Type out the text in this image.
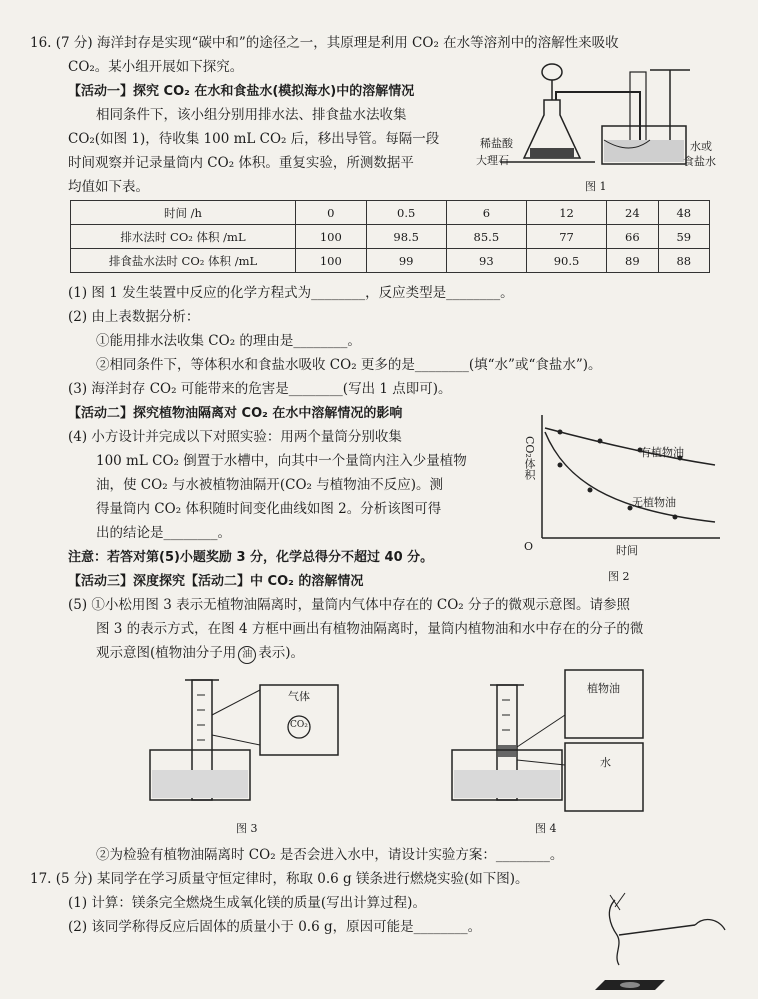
16. (7 分) 海洋封存是实现“碳中和”的途径之一，其原理是利用 CO₂ 在水等溶剂中的溶解性来吸收
CO₂。某小组开展如下探究。
【活动一】探究 CO₂ 在水和食盐水(模拟海水)中的溶解情况
相同条件下，该小组分别用排水法、排食盐水法收集
CO₂(如图 1)，待收集 100 mL CO₂ 后，移出导管。每隔一段
时间观察并记录量筒内 CO₂ 体积。重复实验，所测数据平
均值如下表。
稀盐酸
大理石
水或
食盐水
图 1
时间 /h	0	0.5	6	12	24	48
排水法时 CO₂ 体积 /mL	100	98.5	85.5	77	66	59
排食盐水法时 CO₂ 体积 /mL	100	99	93	90.5	89	88
(1) 图 1 发生装置中反应的化学方程式为________，反应类型是________。
(2) 由上表数据分析：
①能用排水法收集 CO₂ 的理由是________。
②相同条件下，等体积水和食盐水吸收 CO₂ 更多的是________(填“水”或“食盐水”)。
(3) 海洋封存 CO₂ 可能带来的危害是________(写出 1 点即可)。
【活动二】探究植物油隔离对 CO₂ 在水中溶解情况的影响
(4) 小方设计并完成以下对照实验：用两个量筒分别收集
100 mL CO₂ 倒置于水槽中，向其中一个量筒内注入少量植物
油，使 CO₂ 与水被植物油隔开(CO₂ 与植物油不反应)。测
得量筒内 CO₂ 体积随时间变化曲线如图 2。分析该图可得
出的结论是________。
CO₂体积	有植物油
无植物油
O	时间
图 2
注意：若答对第(5)小题奖励 3 分，化学总得分不超过 40 分。
【活动三】深度探究【活动二】中 CO₂ 的溶解情况
(5) ①小松用图 3 表示无植物油隔离时，量筒内气体中存在的 CO₂ 分子的微观示意图。请参照
图 3 的表示方式，在图 4 方框中画出有植物油隔离时，量筒内植物油和水中存在的分子的微
观示意图(植物油分子用 油 表示)。
气体
CO₂
图 3
植物油
水
图 4
②为检验有植物油隔离时 CO₂ 是否会进入水中，请设计实验方案：________。
17. (5 分) 某同学在学习质量守恒定律时，称取 0.6 g 镁条进行燃烧实验(如下图)。
(1) 计算：镁条完全燃烧生成氧化镁的质量(写出计算过程)。
(2) 该同学称得反应后固体的质量小于 0.6 g，原因可能是________。
